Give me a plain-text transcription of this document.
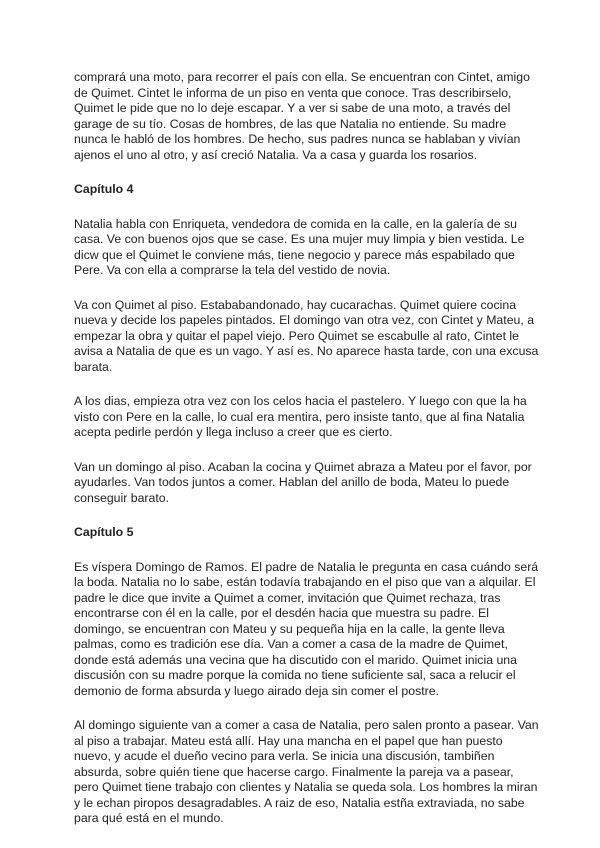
comprará una moto, para recorrer el país con ella. Se encuentran con Cintet, amigo de Quimet. Cintet le informa de un piso en venta que conoce. Tras describirselo, Quimet le pide que no lo deje escapar. Y a ver si sabe de una moto, a través del garage de su tío. Cosas de hombres, de las que Natalia no entiende. Su madre nunca le habló de los hombres. De hecho, sus padres nunca se hablaban y vivían ajenos el uno al otro, y así creció Natalia. Va a casa y guarda los rosarios.

Capítulo 4

Natalia habla con Enriqueta, vendedora de comida en la calle, en la galería de su casa. Ve con buenos ojos que se case. Es una mujer muy limpia y bien vestida. Le dicw que el Quimet le conviene más, tiene negocio y parece más espabilado que Pere. Va con ella a comprarse la tela del vestido de novia.

Va con Quimet al piso. Estababandonado, hay cucarachas. Quimet quiere cocina nueva y decide los papeles pintados. El domingo van otra vez, con Cintet y Mateu, a empezar la obra y quitar el papel viejo. Pero Quimet se escabulle al rato, Cintet le avisa a Natalia de que es un vago. Y así es. No aparece hasta tarde, con una excusa barata.

A los dias, empieza otra vez con los celos hacia el pastelero. Y luego con que la ha visto con Pere en la calle, lo cual era mentira, pero insiste tanto, que al fina Natalia acepta pedirle perdón y llega incluso a creer que es cierto.

Van un domingo al piso. Acaban la cocina y Quimet abraza a Mateu por el favor, por ayudarles. Van todos juntos a comer. Hablan del anillo de boda, Mateu lo puede conseguir barato.

Capítulo 5

Es víspera Domingo de Ramos. El padre de Natalia le pregunta en casa cuándo será la boda. Natalia no lo sabe, están todavía trabajando en el piso que van a alquilar. El padre le dice que invite a Quimet a comer, invitación que Quimet rechaza, tras encontrarse con él en la calle, por el desdén hacia que muestra su padre. El domingo, se encuentran con Mateu y su pequeña hija en la calle, la gente lleva palmas, como es tradición ese día. Van a comer a casa de la madre de Quimet, donde está además una vecina que ha discutido con el marido. Quimet inicia una discusión con su madre porque la comida no tiene suficiente sal, saca a relucir el demonio de forma absurda y luego airado deja sin comer el postre.

Al domingo siguiente van a comer a casa de Natalia, pero salen pronto a pasear. Van al piso a trabajar. Mateu está allí. Hay una mancha en el papel que han puesto nuevo, y acude el dueño vecino para verla. Se inicia una discusión, tambiñen absurda, sobre quién tiene que hacerse cargo. Finalmente la pareja va a pasear, pero Quimet tiene trabajo con clientes y Natalia se queda sola. Los hombres la miran y le echan piropos desagradables. A raiz de eso, Natalia estña extraviada, no sabe para qué está en el mundo.
